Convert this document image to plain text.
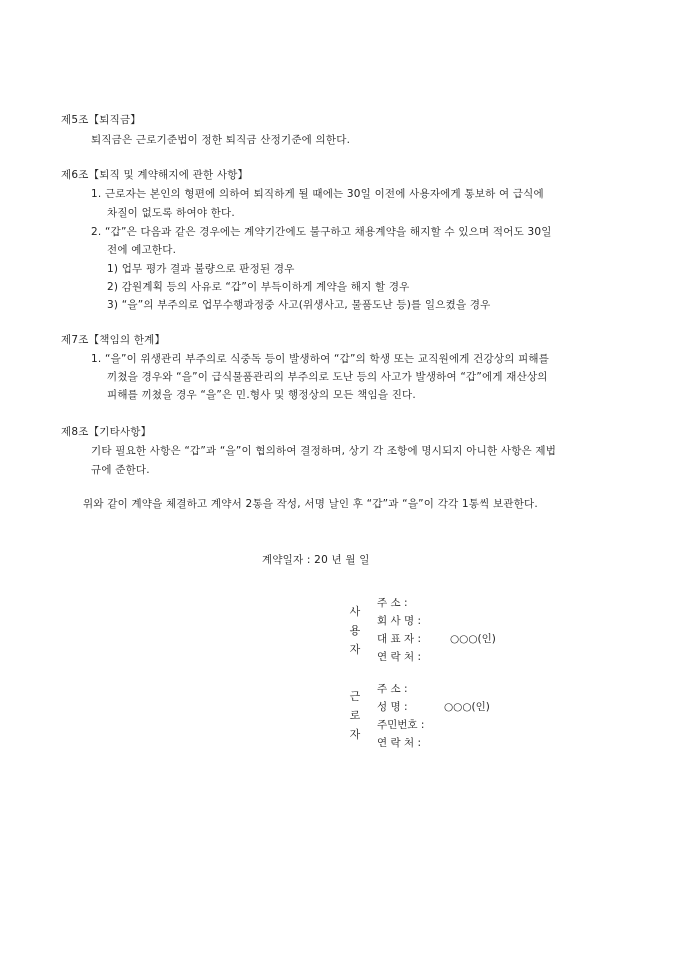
제5조【퇴직금】
퇴직금은 근로기준법이 정한 퇴직금 산정기준에 의한다.
제6조【퇴직 및 계약해지에 관한 사항】
1. 근로자는 본인의 형편에 의하여 퇴직하게 될 때에는 30일 이전에 사용자에게 통보하 여 급식에
차질이 없도록 하여야 한다.
2. “갑”은 다음과 같은 경우에는 계약기간에도 불구하고 채용계약을 해지할 수 있으며 적어도 30일
전에 예고한다.
1) 업무 평가 결과 불량으로 판정된 경우
2) 감원계획 등의 사유로 “갑”이 부득이하게 계약을 해지 할 경우
3) “을”의 부주의로 업무수행과정중 사고(위생사고, 물품도난 등)를 일으켰을 경우
제7조【책임의 한계】
1. “을”이 위생관리 부주의로 식중독 등이 발생하여 “갑”의 학생 또는 교직원에게 건강상의 피해를
끼쳤을 경우와 “을”이 급식물품관리의 부주의로 도난 등의 사고가 발생하여 “갑”에게 재산상의
피해를 끼쳤을 경우 “을”은 민․형사 및 행정상의 모든 책임을 진다.
제8조【기타사항】
기타 필요한 사항은 “갑”과 “을”이 협의하여 결정하며, 상기 각 조항에 명시되지 아니한 사항은 제법
규에 준한다.
위와 같이 계약을 체결하고 계약서 2통을 작성, 서명 날인 후 “갑”과 “을”이 각각 1통씩 보관한다.
계약일자 : 20 년 월 일
사
용
자
주 소 :
회 사 명 :
대 표 자 :	○○○(인)
연 락 처 :
근
로
자
주 소 :
성 명 :	○○○(인)
주민번호 :
연 락 처 :
